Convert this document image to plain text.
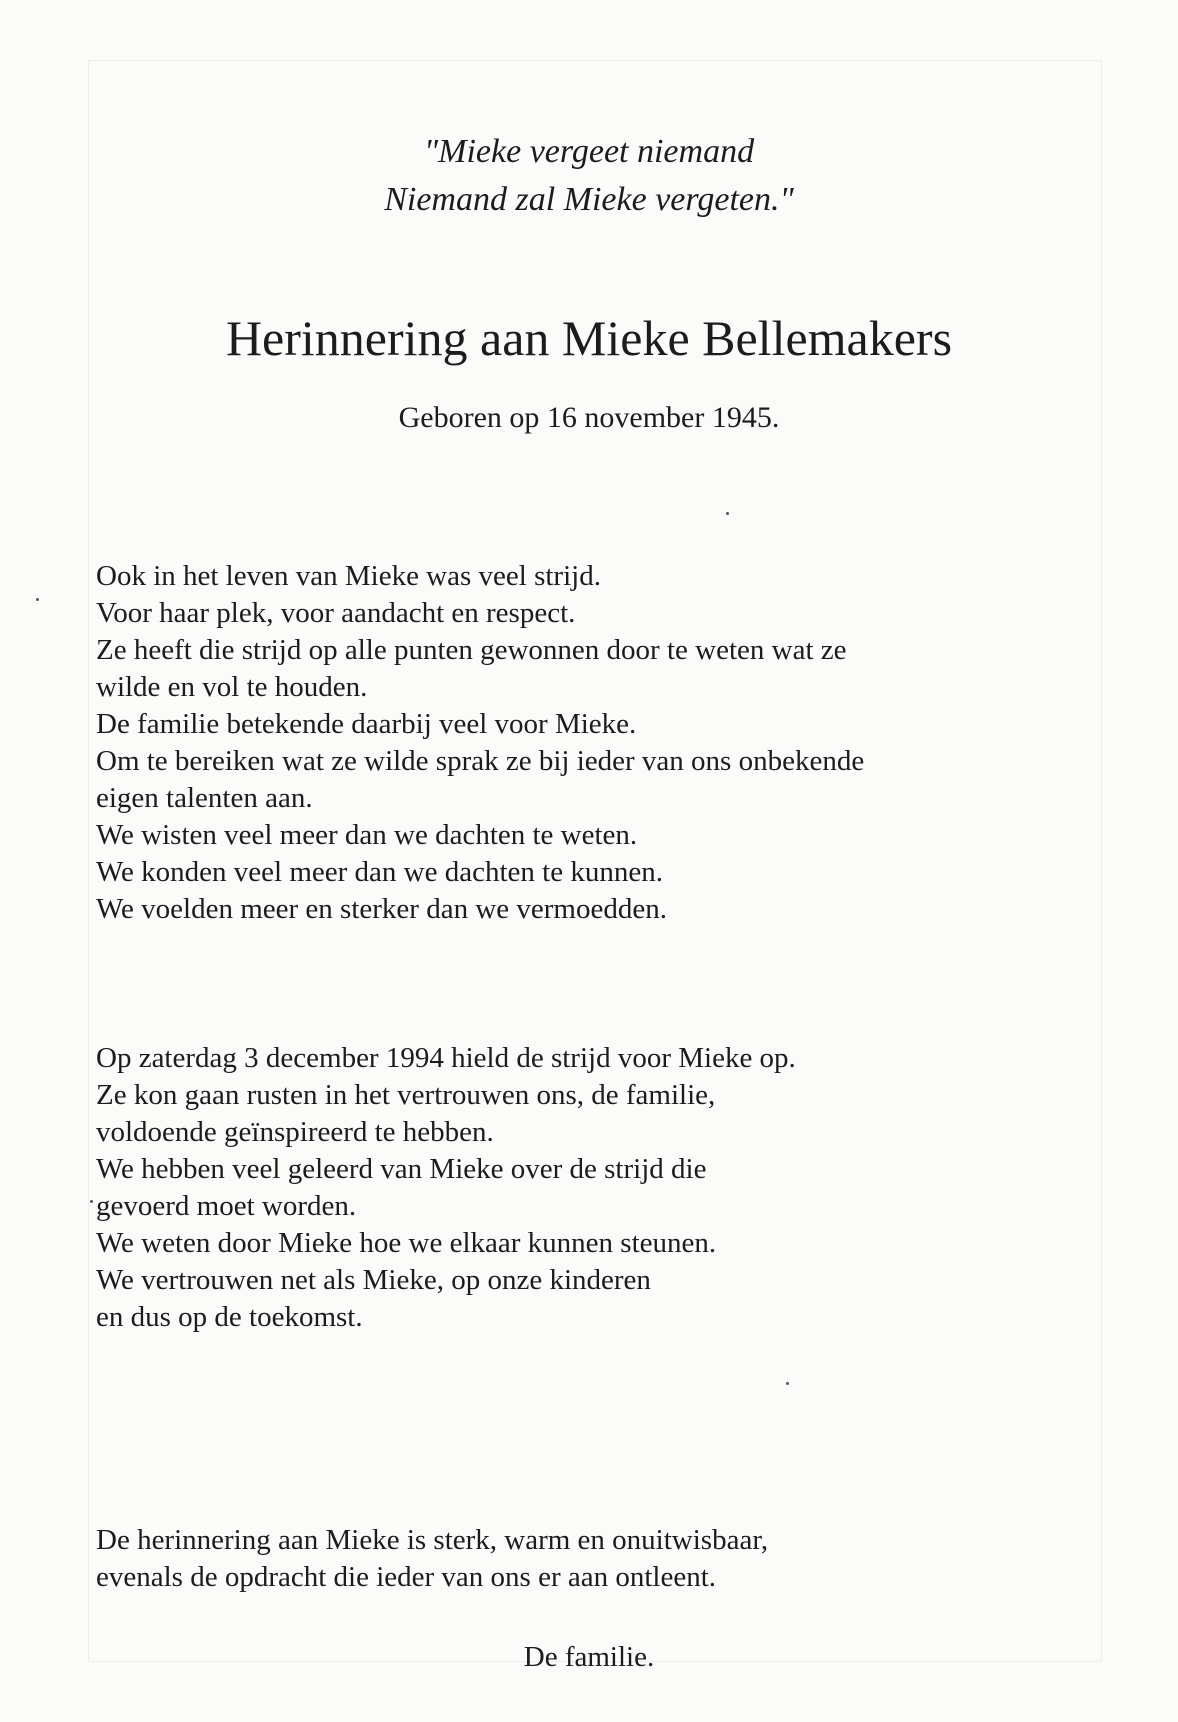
"Mieke vergeet niemand
Niemand zal Mieke vergeten."
Herinnering aan Mieke Bellemakers
Geboren op 16 november 1945.
Ook in het leven van Mieke was veel strijd.
Voor haar plek, voor aandacht en respect.
Ze heeft die strijd op alle punten gewonnen door te weten wat ze
wilde en vol te houden.
De familie betekende daarbij veel voor Mieke.
Om te bereiken wat ze wilde sprak ze bij ieder van ons onbekende
eigen talenten aan.
We wisten veel meer dan we dachten te weten.
We konden veel meer dan we dachten te kunnen.
We voelden meer en sterker dan we vermoedden.
Op zaterdag 3 december 1994 hield de strijd voor Mieke op.
Ze kon gaan rusten in het vertrouwen ons, de familie,
voldoende geïnspireerd te hebben.
We hebben veel geleerd van Mieke over de strijd die
gevoerd moet worden.
We weten door Mieke hoe we elkaar kunnen steunen.
We vertrouwen net als Mieke, op onze kinderen
en dus op de toekomst.
De herinnering aan Mieke is sterk, warm en onuitwisbaar,
evenals de opdracht die ieder van ons er aan ontleent.
De familie.
